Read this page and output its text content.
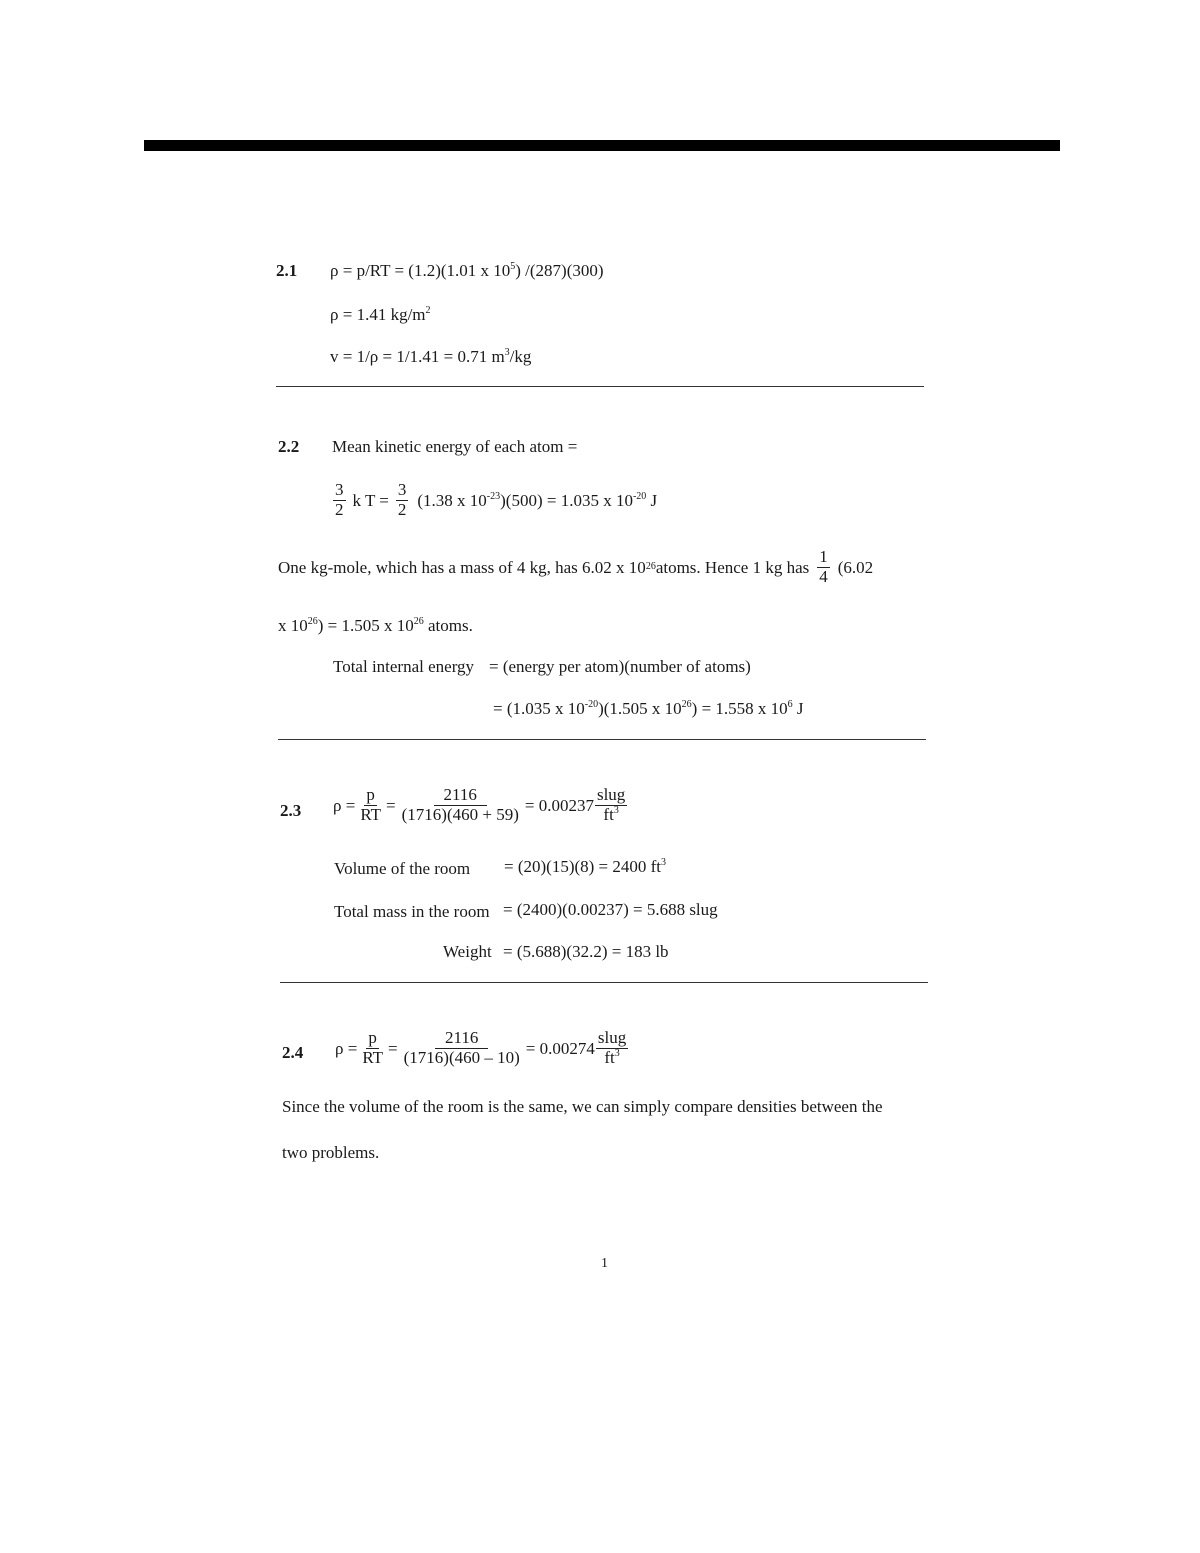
2.1 ρ = p/RT = (1.2)(1.01 x $10^5$) /(287)(300)
ρ = 1.41 $kg/m^2$
v = 1/ρ = 1/1.41 = 0.71 $m^3/kg$
2.2 Mean kinetic energy of each atom =
$\frac{3}{2}$ k $T = \frac{3}{2} (1.38$ x $10^{-23})(500) = 1.035$ x $10^{-20}$ J
One kg-mole, which has a mass of 4 kg, has 6.02 x 10 26 atoms. Hence 1 kg has $\frac{1}{4} (6.02$
x $10^{26}) = 1.505$ x $10^{26}$ atoms.
Total internal energy = (energy per atom)(number of atoms)
= (1.035 x $10^{-20})(1.505$ x $10^{26}) = 1.558$ x $10^6$ J
2.3 $\rho = \frac{p}{RT} = \frac{2116}{(1716)(460 + 59)} = 0.00237 \frac{\text{slug}}{ft^3}$
Volume of the room = (20)(15)(8) = 2400 $ft^3$
Total mass in the room = (2400)(0.00237) = 5.688 slug
Weight = (5.688)(32.2) = 183 lb
2.4 $\rho = \frac{p}{RT} = \frac{2116}{(1716)(460 - 10)} = 0.00274 \frac{\text{slug}}{ft^3}$
Since the volume of the room is the same, we can simply compare densities between the
two problems.
1
